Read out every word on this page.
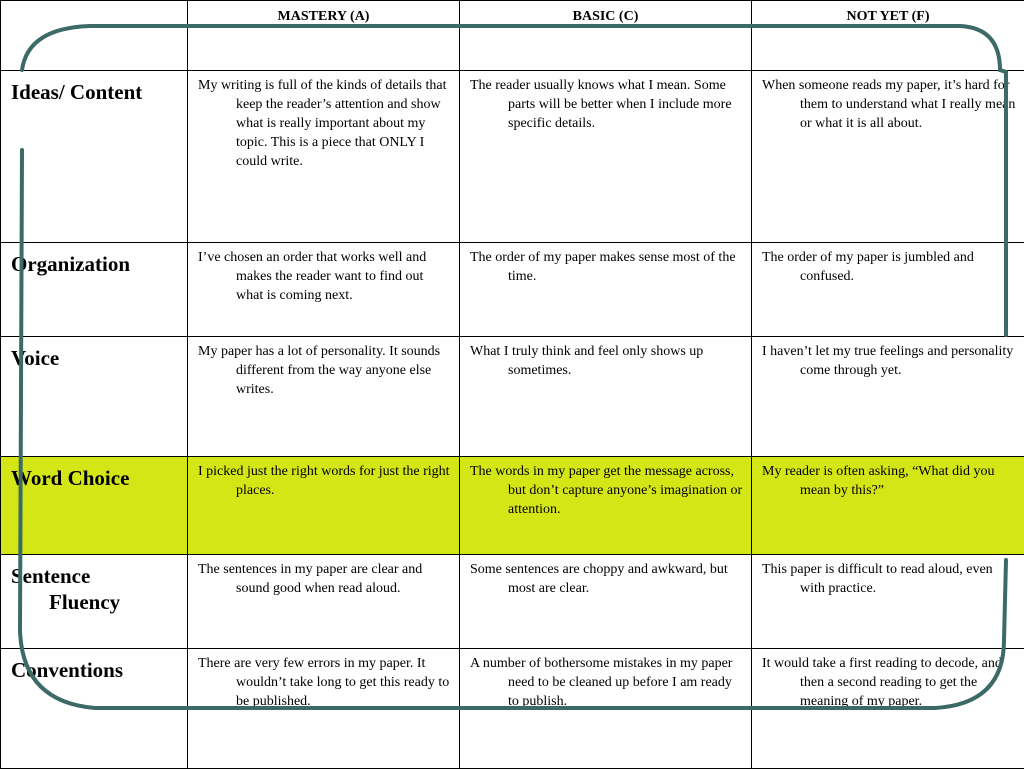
	MASTERY (A)	BASIC (C)	NOT YET (F)
Ideas/ Content	My writing is full of the kinds of details that keep the reader’s attention and show what is really important about my topic. This is a piece that ONLY I could write.	The reader usually knows what I mean. Some parts will be better when I include more specific details.	When someone reads my paper, it’s hard for them to understand what I really mean or what it is all about.

Organization	I’ve chosen an order that works well and makes the reader want to find out what is coming next.	The order of my paper makes sense most of the time.	The order of my paper is jumbled and confused.

Voice	My paper has a lot of personality. It sounds different from the way anyone else writes.	What I truly think and feel only shows up sometimes.	I haven’t let my true feelings and personality come through yet.

Word Choice	I picked just the right words for just the right places.	The words in my paper get the message across, but don’t capture anyone’s imagination or attention.	My reader is often asking, “What did you mean by this?”

Sentence
Fluency	The sentences in my paper are clear and sound good when read aloud.	Some sentences are choppy and awkward, but most are clear.	This paper is difficult to read aloud, even with practice.

Conventions	There are very few errors in my paper. It wouldn’t take long to get this ready to be published.	A number of bothersome mistakes in my paper need to be cleaned up before I am ready to publish.	It would take a first reading to decode, and then a second reading to get the meaning of my paper.
